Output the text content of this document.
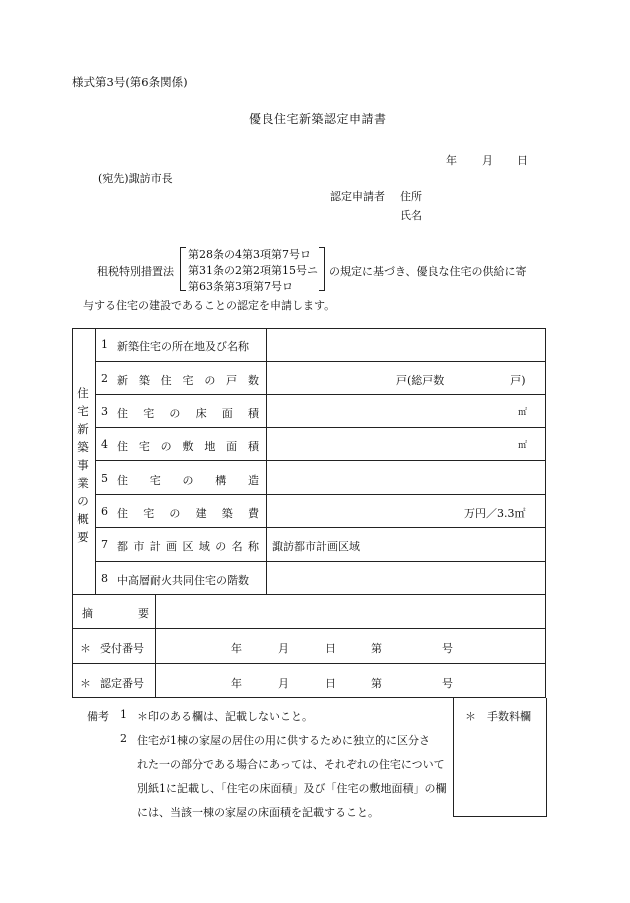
様式第3号(第6条関係)
優良住宅新築認定申請書
年 月 日
(宛先)諏訪市長
認定申請者 住所
氏名
租税特別措置法
第28条の4第3項第7号ロ
第31条の2第2項第15号ニ
第63条第3項第7号ロ
の規定に基づき、優良な住宅の供給に寄
与する住宅の建設であることの認定を申請します。
住
宅
新
築
事
業
の
概
要
1 新築住宅の所在地及び名称
2 新 築 住 宅 の 戸 数	戸(総戸数　　　　　　戸)
3 住 宅 の 床 面 積	㎡
4 住 宅 の 敷 地 面 積	㎡
5 住 宅 の 構 造
6 住 宅 の 建 築 費	万円／3.3㎡
7 都 市 計 画 区 域 の 名 称 諏訪都市計画区域
8 中高層耐火共同住宅の階数
摘	要
＊ 受付番号	年	月	日	第	号
＊ 認定番号	年	月	日	第	号
＊ 手数料欄
備考 1 ＊印のある欄は、記載しないこと。
2 住宅が1棟の家屋の居住の用に供するために独立的に区分さ
れた一の部分である場合にあっては、それぞれの住宅について
別紙1に記載し、「住宅の床面積」及び「住宅の敷地面積」の欄
には、当該一棟の家屋の床面積を記載すること。
